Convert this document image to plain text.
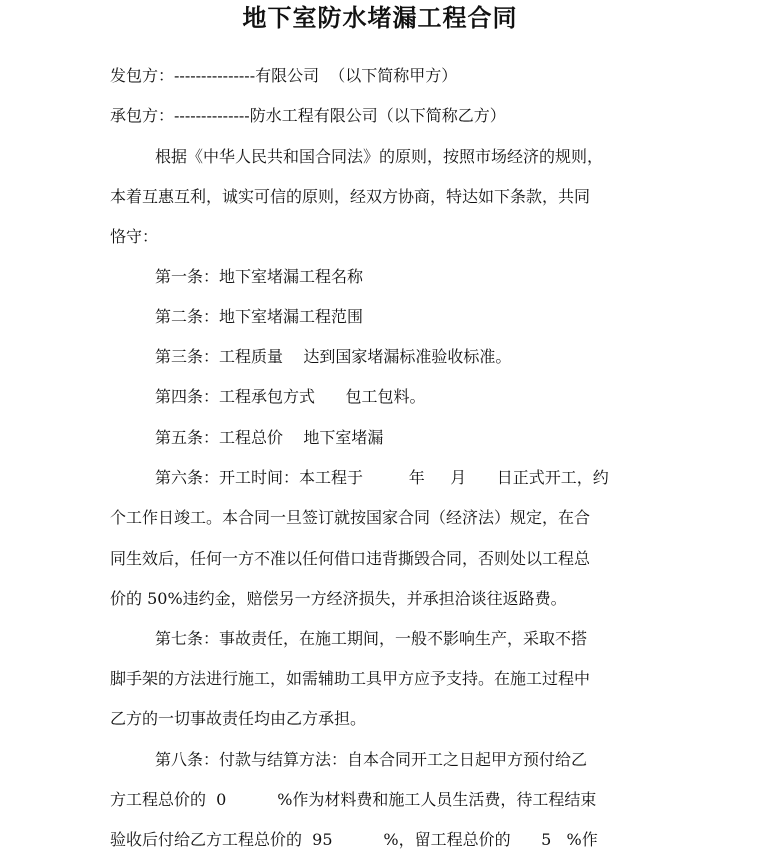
地下室防水堵漏工程合同
发包方：---------------有限公司  （以下简称甲方）
承包方：--------------防水工程有限公司（以下简称乙方）
根据《中华人民共和国合同法》的原则，按照市场经济的规则，
本着互惠互利，诚实可信的原则，经双方协商，特达如下条款，共同
恪守：
第一条：地下室堵漏工程名称
第二条：地下室堵漏工程范围
第三条：工程质量    达到国家堵漏标准验收标准。
第四条：工程承包方式      包工包料。
第五条：工程总价    地下室堵漏
第六条：开工时间：本工程于         年     月      日正式开工，约
个工作日竣工。本合同一旦签订就按国家合同（经济法）规定，在合
同生效后，任何一方不准以任何借口违背撕毁合同，否则处以工程总
价的 50%违约金，赔偿另一方经济损失，并承担洽谈往返路费。
第七条：事故责任，在施工期间，一般不影响生产，采取不搭
脚手架的方法进行施工，如需辅助工具甲方应予支持。在施工过程中
乙方的一切事故责任均由乙方承担。
第八条：付款与结算方法：自本合同开工之日起甲方预付给乙
方工程总价的  0          %作为材料费和施工人员生活费，待工程结束
验收后付给乙方工程总价的  95          %，留工程总价的      5   %作
